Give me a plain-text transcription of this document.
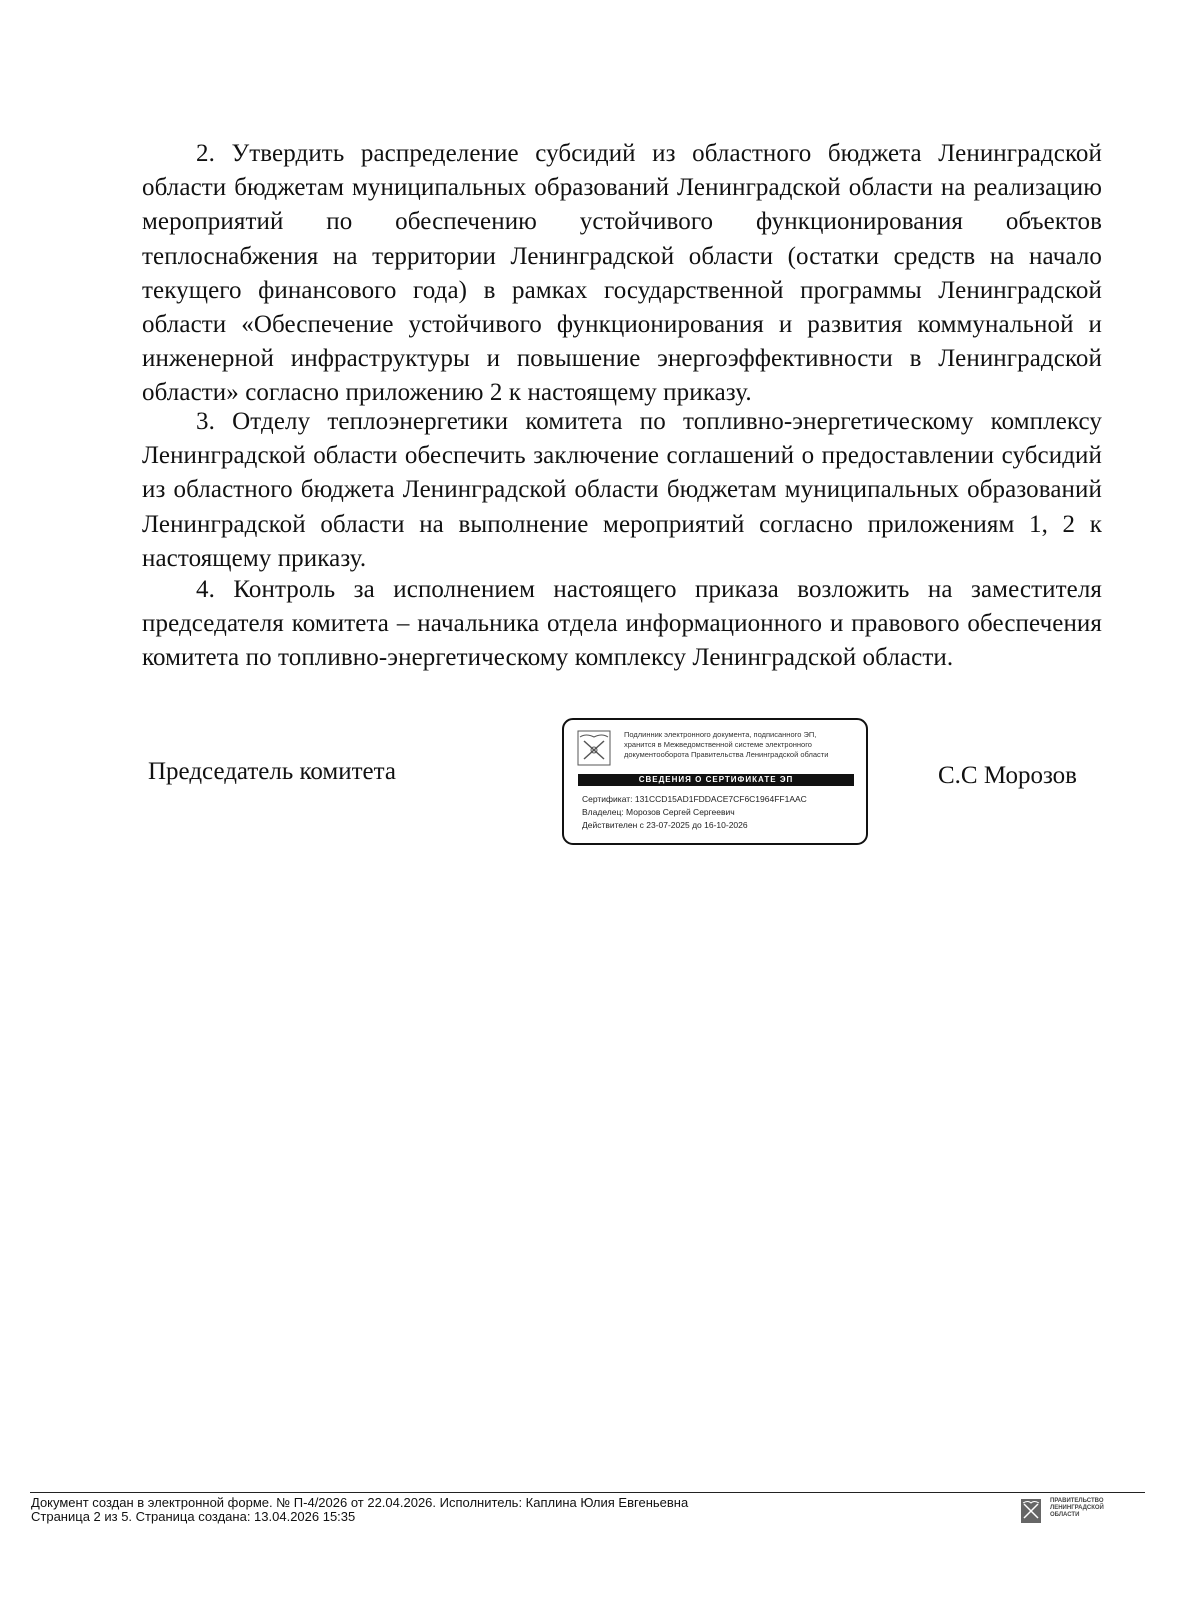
2. Утвердить распределение субсидий из областного бюджета Ленинградской области бюджетам муниципальных образований Ленинградской области на реализацию мероприятий по обеспечению устойчивого функционирования объектов теплоснабжения на территории Ленинградской области (остатки средств на начало текущего финансового года) в рамках государственной программы Ленинградской области «Обеспечение устойчивого функционирования и развития коммунальной и инженерной инфраструктуры и повышение энергоэффективности в Ленинградской области» согласно приложению 2 к настоящему приказу.

3. Отделу теплоэнергетики комитета по топливно-энергетическому комплексу Ленинградской области обеспечить заключение соглашений о предоставлении субсидий из областного бюджета Ленинградской области бюджетам муниципальных образований Ленинградской области на выполнение мероприятий согласно приложениям 1, 2 к настоящему приказу.

4. Контроль за исполнением настоящего приказа возложить на заместителя председателя комитета – начальника отдела информационного и правового обеспечения комитета по топливно-энергетическому комплексу Ленинградской области.

Председатель комитета
Подлинник электронного документа, подписанного ЭП,
хранится в Межведомственной системе электронного
документооборота Правительства Ленинградской области
СВЕДЕНИЯ О СЕРТИФИКАТЕ ЭП
Сертификат: 131CCD15AD1FDDACE7CF6C1964FF1AAC
Владелец: Морозов Сергей Сергеевич
Действителен с 23-07-2025 до 16-10-2026
С.С Морозов
Документ создан в электронной форме. № П-4/2026 от 22.04.2026. Исполнитель: Каплина Юлия Евгеньевна
Страница 2 из 5. Страница создана: 13.04.2026 15:35
ПРАВИТЕЛЬСТВО
ЛЕНИНГРАДСКОЙ
ОБЛАСТИ
